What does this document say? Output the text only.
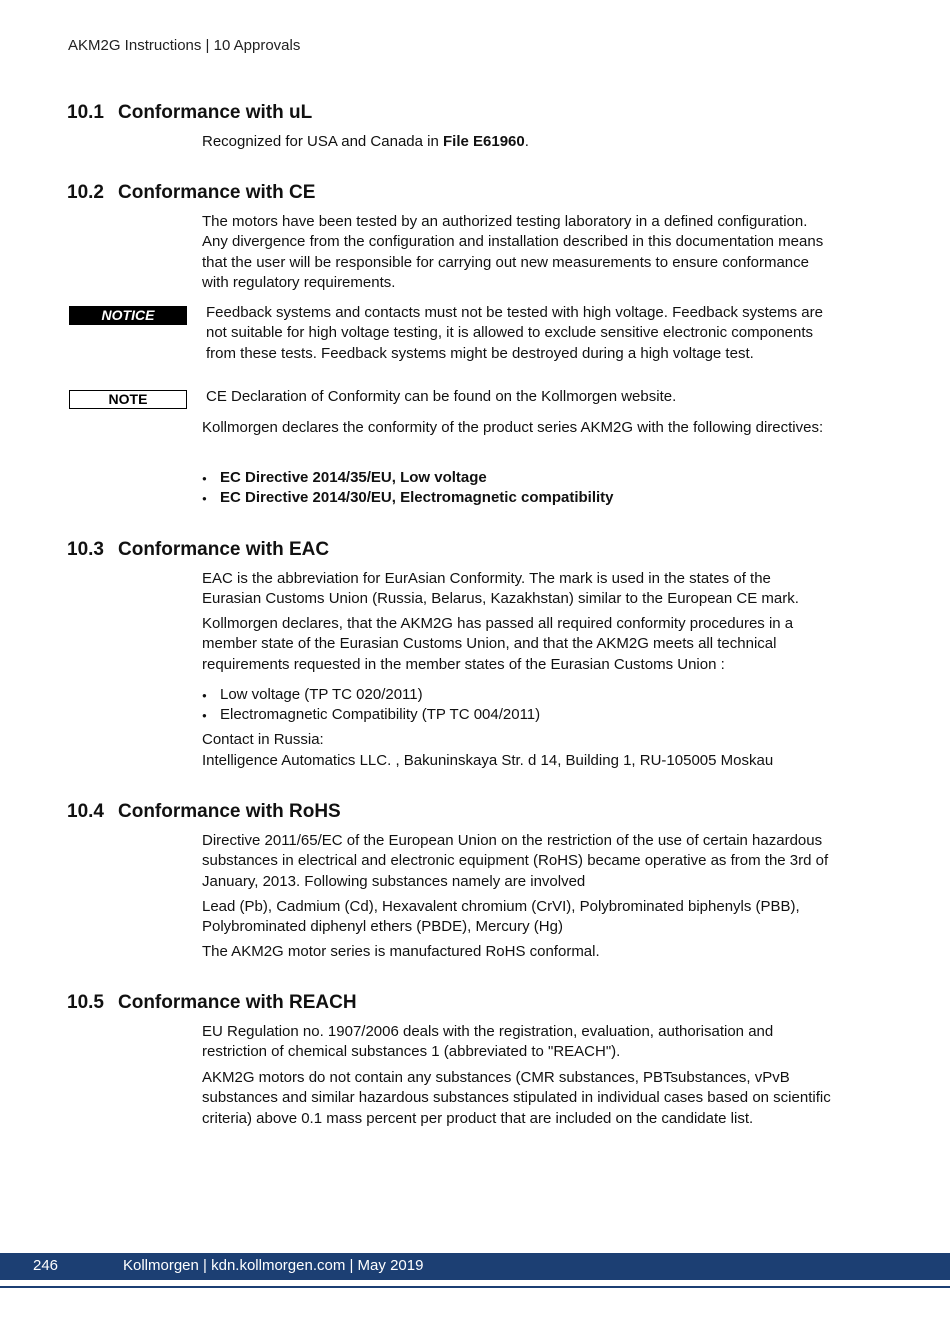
AKM2G Instructions | 10 Approvals
10.1 Conformance with uL

Recognized for USA and Canada in File E61960.

10.2 Conformance with CE

The motors have been tested by an authorized testing laboratory in a defined configuration. Any divergence from the configuration and installation described in this documentation means that the user will be responsible for carrying out new measurements to ensure conformance with regulatory requirements.

NOTICE	Feedback systems and contacts must not be tested with high voltage. Feedback systems are not suitable for high voltage testing, it is allowed to exclude sensitive electronic components from these tests. Feedback systems might be destroyed during a high voltage test.

NOTE	CE Declaration of Conformity can be found on the Kollmorgen website.

Kollmorgen declares the conformity of the product series AKM2G with the following directives:

● EC Directive 2014/35/EU, Low voltage
● EC Directive 2014/30/EU, Electromagnetic compatibility
10.3 Conformance with EAC

EAC is the abbreviation for EurAsian Conformity. The mark is used in the states of the Eurasian Customs Union (Russia, Belarus, Kazakhstan) similar to the European CE mark.

Kollmorgen declares, that the AKM2G has passed all required conformity procedures in a member state of the Eurasian Customs Union, and that the AKM2G meets all technical requirements requested in the member states of the Eurasian Customs Union :

● Low voltage (TP TC 020/2011)
● Electromagnetic Compatibility (TP TC 004/2011)

Contact in Russia:

Intelligence Automatics LLC. , Bakuninskaya Str. d 14, Building 1, RU-105005 Moskau

10.4 Conformance with RoHS

Directive 2011/65/EC of the European Union on the restriction of the use of certain hazardous substances in electrical and electronic equipment (RoHS) became operative as from the 3rd of January, 2013. Following substances namely are involved

Lead (Pb), Cadmium (Cd), Hexavalent chromium (CrVI), Polybrominated biphenyls (PBB), Polybrominated diphenyl ethers (PBDE), Mercury (Hg)

The AKM2G motor series is manufactured RoHS conformal.

10.5 Conformance with REACH

EU Regulation no. 1907/2006 deals with the registration, evaluation, authorisation and restriction of chemical substances 1 (abbreviated to "REACH").

AKM2G motors do not contain any substances (CMR substances, PBTsubstances, vPvB substances and similar hazardous substances stipulated in individual cases based on scientific criteria) above 0.1 mass percent per product that are included on the candidate list.

246	Kollmorgen | kdn.kollmorgen.com | May 2019
